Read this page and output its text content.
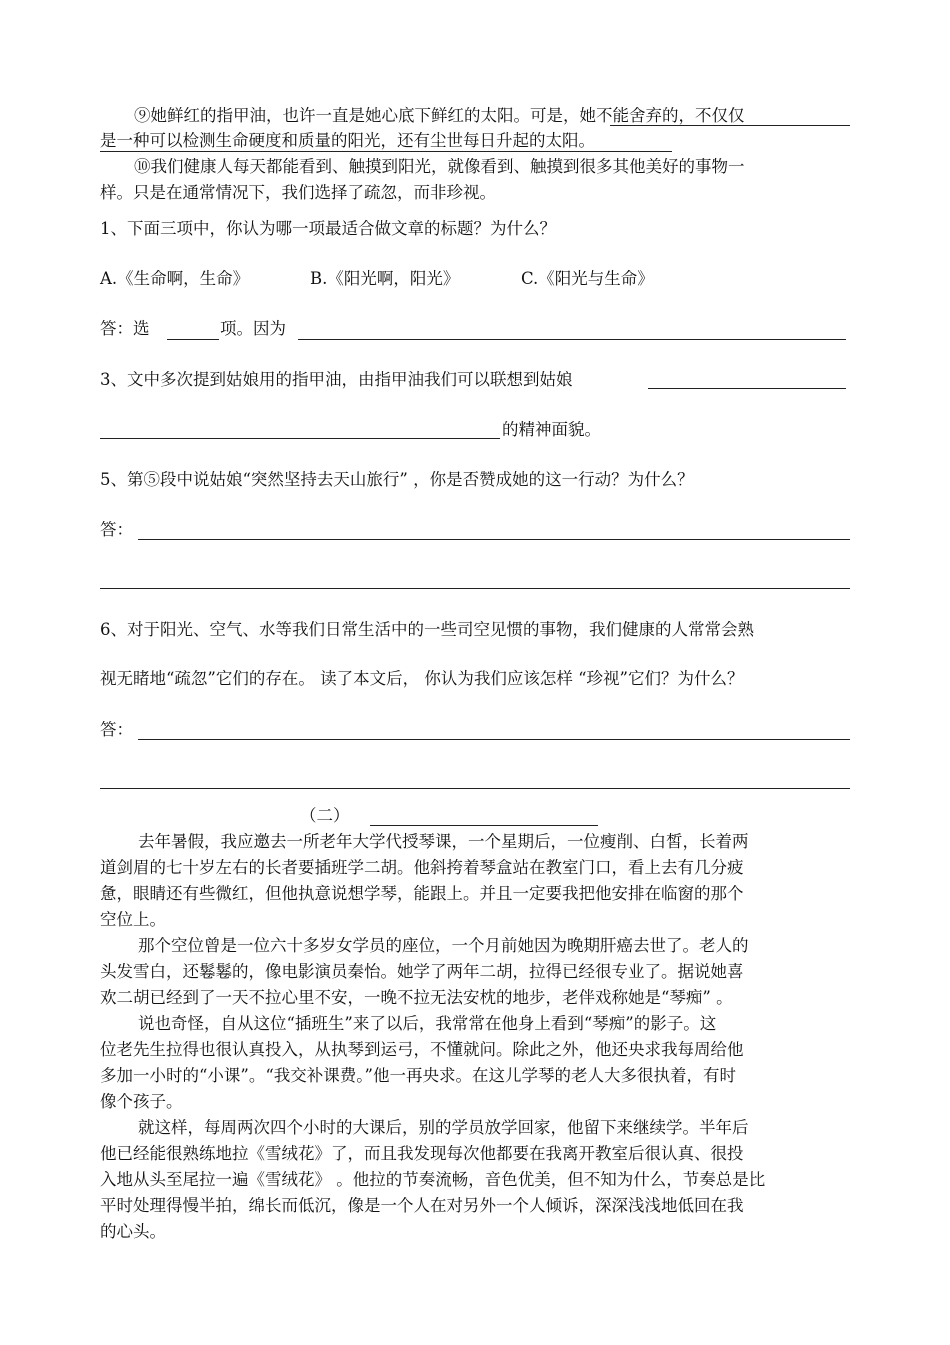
⑨她鲜红的指甲油，也许一直是她心底下鲜红的太阳。可是，她不能舍弃的，不仅仅
是一种可以检测生命硬度和质量的阳光，还有尘世每日升起的太阳。
⑩我们健康人每天都能看到、触摸到阳光，就像看到、触摸到很多其他美好的事物一
样。只是在通常情况下，我们选择了疏忽，而非珍视。
1、下面三项中，你认为哪一项最适合做文章的标题？为什么？
A.《生命啊，生命》	B.《阳光啊，阳光》	C.《阳光与生命》
答：选	项。因为
3、文中多次提到姑娘用的指甲油，由指甲油我们可以联想到姑娘
的精神面貌。
5、第⑤段中说姑娘“突然坚持去天山旅行” ，你是否赞成她的这一行动？为什么？
答：
6、对于阳光、空气、水等我们日常生活中的一些司空见惯的事物，我们健康的人常常会熟
视无睹地“疏忽”它们的存在。 读了本文后， 你认为我们应该怎样 “珍视”它们？为什么？
答：
（二）
去年暑假，我应邀去一所老年大学代授琴课，一个星期后，一位瘦削、白皙，长着两
道剑眉的七十岁左右的长者要插班学二胡。他斜挎着琴盒站在教室门口，看上去有几分疲
惫，眼睛还有些微红，但他执意说想学琴，能跟上。并且一定要我把他安排在临窗的那个
空位上。
那个空位曾是一位六十多岁女学员的座位，一个月前她因为晚期肝癌去世了。老人的
头发雪白，还鬈鬈的，像电影演员秦怡。她学了两年二胡，拉得已经很专业了。据说她喜
欢二胡已经到了一天不拉心里不安，一晚不拉无法安枕的地步，老伴戏称她是“琴痴” 。
说也奇怪，自从这位“插班生”来了以后，我常常在他身上看到“琴痴”的影子。这
位老先生拉得也很认真投入，从执琴到运弓，不懂就问。除此之外，他还央求我每周给他
多加一小时的“小课”。“我交补课费。”他一再央求。在这儿学琴的老人大多很执着，有时
像个孩子。
就这样，每周两次四个小时的大课后，别的学员放学回家，他留下来继续学。半年后
他已经能很熟练地拉《雪绒花》了，而且我发现每次他都要在我离开教室后很认真、很投
入地从头至尾拉一遍《雪绒花》 。他拉的节奏流畅，音色优美，但不知为什么，节奏总是比
平时处理得慢半拍，绵长而低沉，像是一个人在对另外一个人倾诉，深深浅浅地低回在我
的心头。
